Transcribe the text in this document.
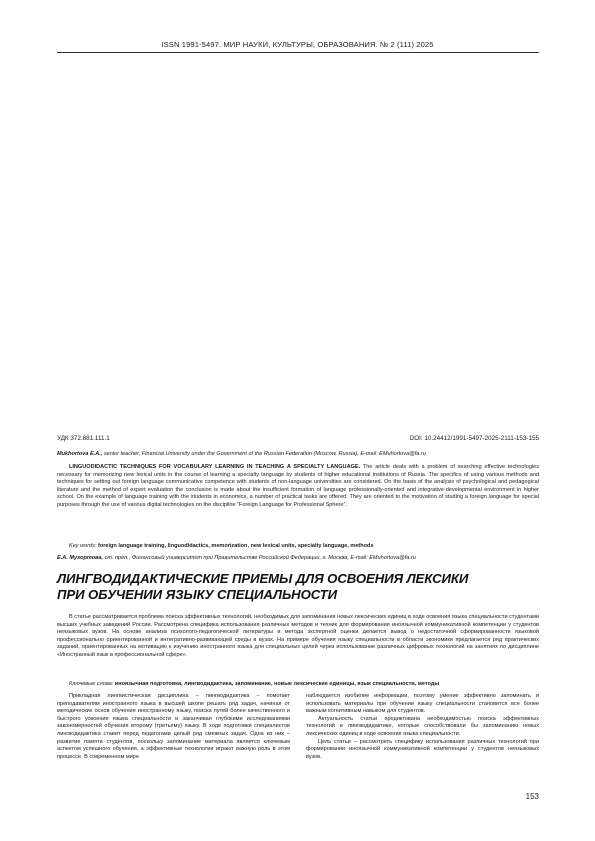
ISSN 1991-5497. МИР НАУКИ, КУЛЬТУРЫ, ОБРАЗОВАНИЯ. № 2 (111) 2025
УДК 372.881.111.1	DOI: 10.24412/1991-5497-2025-2111-153-155
Mukhortova E.A., senior teacher, Financial University under the Government of the Russian Federation (Moscow, Russia), E-mail: EMuhortova@fa.ru
LINGUODIDACTIC TECHNIQUES FOR VOCABULARY LEARNING IN TEACHING A SPECIALTY LANGUAGE. The article deals with a problem of searching effective technologies necessary for memorizing new lexical units in the course of learning a specialty language by students of higher educational institutions of Russia. The specifics of using various methods and techniques for setting out foreign language communicative competence with students of non-language universities are considered. On the basis of the analysis of psychological and pedagogical literature and the method of expert evaluation the conclusion is made about the insufficient formation of language professionally-oriented and integrative-developmental environment in higher school. On the example of language training with the students in economics, a number of practical tasks are offered. They are oriented to the motivation of studing a foreign language for special purposes through the use of various digital technologies on the discipline “Foreign Language for Professional Sphere”.
Key words: foreign language training, linguodidactics, memorization, new lexical units, specialty language, methods
Е.А. Мухортова, ст. преп., Финансовый университет при Правительстве Российской Федерации, г. Москва, E-mail: EMuhortova@fa.ru
ЛИНГВОДИДАКТИЧЕСКИЕ ПРИЕМЫ ДЛЯ ОСВОЕНИЯ ЛЕКСИКИ
ПРИ ОБУЧЕНИИ ЯЗЫКУ СПЕЦИАЛЬНОСТИ
В статье рассматривается проблема поиска эффективных технологий, необходимых для запоминания новых лексических единиц в ходе освоения языка специальности студентами высших учебных заведений России. Рассмотрена специфика использования различных методов и техник для формирования иноязычной коммуникативной компетенции у студентов неязыковых вузов. На основе анализа психолого-педагогической литературы и метода экспертной оценки делается вывод о недостаточной сформированности языковой профессионально ориентированной и интегративно-развивающей среды в вузах. На примере обучения языку специальности в области экономики предлагается ряд практических заданий, ориентированных на мотивацию к изучению иностранного языка для специальных целей через использование различных цифровых технологий на занятиях по дисциплине «Иностранный язык в профессиональной сфере».
Ключевые слова: иноязычная подготовка, лингводидактика, запоминание, новые лексические единицы, язык специальности, методы

Прикладная лингвистическая дисциплина – лингводидактика – помогает преподавателям иностранного языка в высшей школе решать ряд задач, начиная от методических основ обучения иностранному языку, поиска путей более качественного и быстрого усвоения языка специальности и заканчивая глубокими исследованиями закономерностей обучения второму (третьему) языку. В ходе подготовки специалистов лингводидактика ставит перед педагогами целый ряд смежных задач. Одна из них – развитие памяти студентов, поскольку запоминание материала является ключевым аспектом успешного обучения, а эффективные технологии играют важную роль в этом процессе. В современном мире

наблюдается изобилие информации, поэтому умение эффективно запоминать и использовать материалы при обучении языку специальности становится все более важным когнитивным навыком для студентов.

Актуальность статьи продиктована необходимостью поиска эффективных технологий в лингводидактике, которые способствовали бы запоминанию новых лексических единиц в ходе освоения языка специальности.

Цель статьи – рассмотреть специфику использования различных технологий при формировании иноязычной коммуникативной компетенции у студентов неязыковых вузов.

153
